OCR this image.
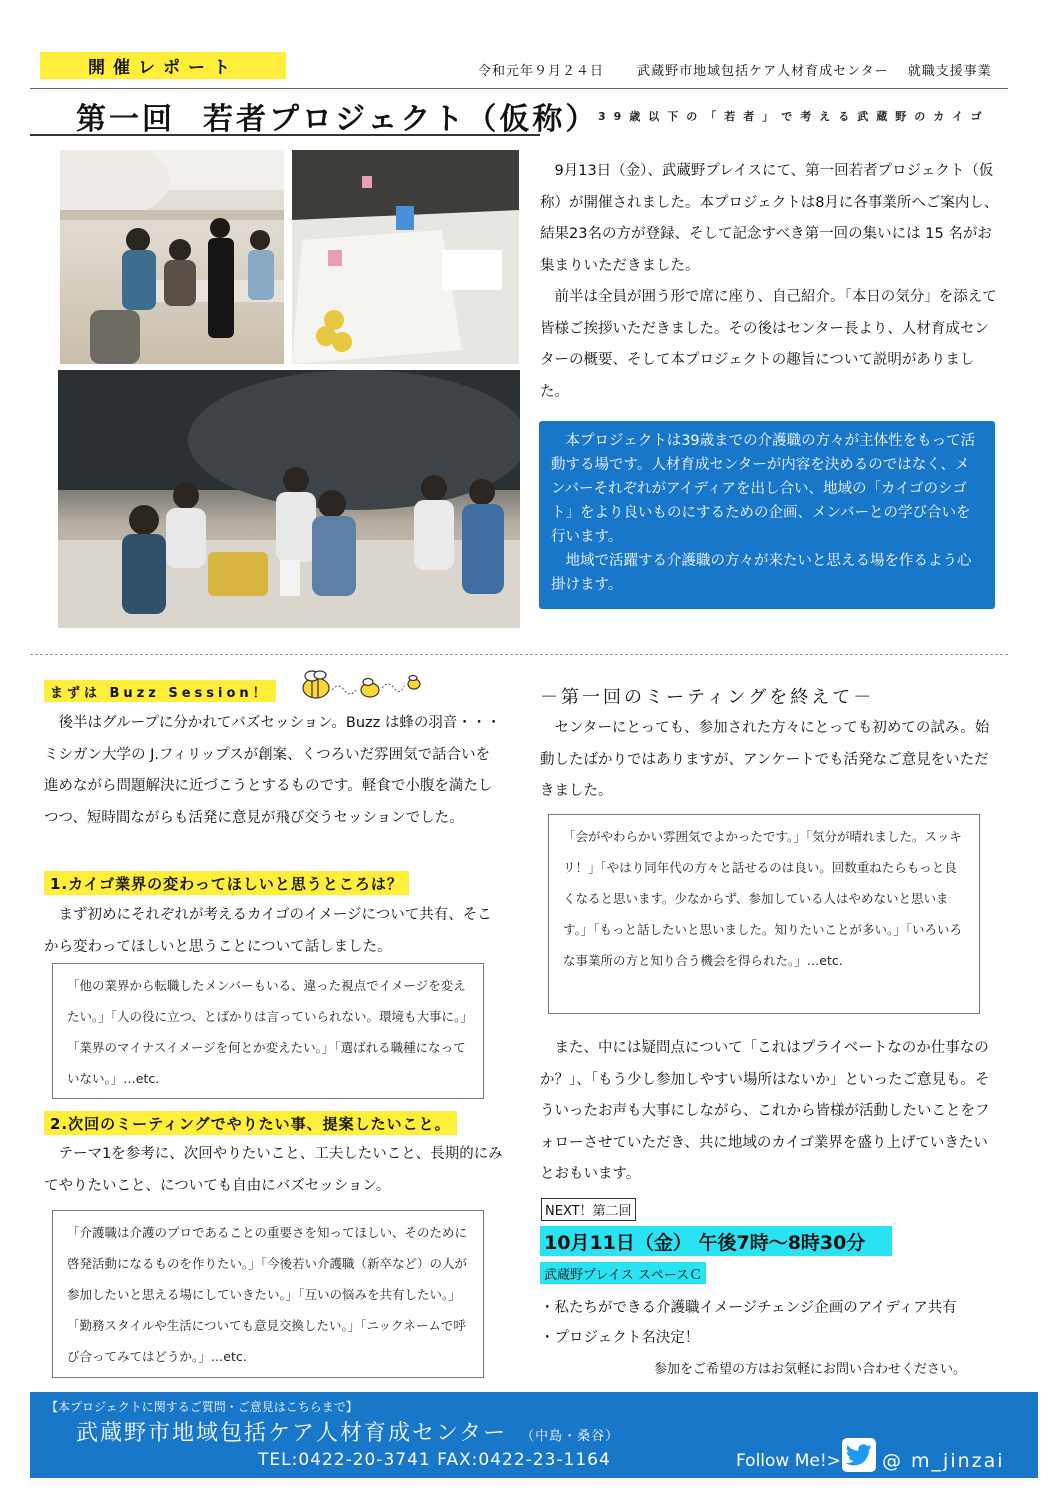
開催レポート	令和元年９月２４日	武蔵野市地域包括ケア人材育成センター 就職支援事業
第一回 若者プロジェクト（仮称） 39歳以下の「若者」で考える武蔵野のカイゴ

9月13日（金）、武蔵野プレイスにて、第一回若者プロジェクト（仮称）が開催されました。本プロジェクトは8月に各事業所へご案内し、結果23名の方が登録、そして記念すべき第一回の集いには 15 名がお集まりいただきました。

前半は全員が囲う形で席に座り、自己紹介。「本日の気分」を添えて皆様ご挨拶いただきました。その後はセンター長より、人材育成センターの概要、そして本プロジェクトの趣旨について説明がありました。

本プロジェクトは39歳までの介護職の方々が主体性をもって活動する場です。人材育成センターが内容を決めるのではなく、メンバーそれぞれがアイディアを出し合い、地域の「カイゴのシゴト」をより良いものにするための企画、メンバーとの学び合いを行います。

地域で活躍する介護職の方々が来たいと思える場を作るよう心掛けます。

まずは Buzz Session！

後半はグループに分かれてバズセッション。Buzz は蜂の羽音・・・ミシガン大学の J.フィリップスが創案、くつろいだ雰囲気で話合いを進めながら問題解決に近づこうとするものです。軽食で小腹を満たしつつ、短時間ながらも活発に意見が飛び交うセッションでした。

1.カイゴ業界の変わってほしいと思うところは？

まず初めにそれぞれが考えるカイゴのイメージについて共有、そこから変わってほしいと思うことについて話しました。

「他の業界から転職したメンバーもいる、違った視点でイメージを変えたい。」「人の役に立つ、とばかりは言っていられない。環境も大事に。」「業界のマイナスイメージを何とか変えたい。」「選ばれる職種になっていない。」…etc.
2.次回のミーティングでやりたい事、提案したいこと。

テーマ1を参考に、次回やりたいこと、工夫したいこと、長期的にみてやりたいこと、についても自由にバズセッション。

「介護職は介護のプロであることの重要さを知ってほしい、そのために啓発活動になるものを作りたい。」「今後若い介護職（新卒など）の人が参加したいと思える場にしていきたい。」「互いの悩みを共有したい。」「勤務スタイルや生活についても意見交換したい。」「ニックネームで呼び合ってみてはどうか。」…etc.
－第一回のミーティングを終えて－

センターにとっても、参加された方々にとっても初めての試み。始動したばかりではありますが、アンケートでも活発なご意見をいただきました。

「会がやわらかい雰囲気でよかったです。」「気分が晴れました。スッキリ！」「やはり同年代の方々と話せるのは良い。回数重ねたらもっと良くなると思います。少なからず、参加している人はやめないと思います。」「もっと話したいと思いました。知りたいことが多い。」「いろいろな事業所の方と知り合う機会を得られた。」…etc.

また、中には疑問点について「これはプライベートなのか仕事なのか？」、「もう少し参加しやすい場所はないか」といったご意見も。そういったお声も大事にしながら、これから皆様が活動したいことをフォローさせていただき、共に地域のカイゴ業界を盛り上げていきたいとおもいます。

NEXT！第二回
10月11日（金） 午後7時～8時30分
武蔵野プレイス スペースＣ
・私たちができる介護職イメージチェンジ企画のアイディア共有
・プロジェクト名決定！
参加をご希望の方はお気軽にお問い合わせください。
【本プロジェクトに関するご質問・ご意見はこちらまで】
武蔵野市地域包括ケア人材育成センター （中島・桑谷）
TEL:0422-20-3741 FAX:0422-23-1164	Follow Me!> @ m_jinzai
